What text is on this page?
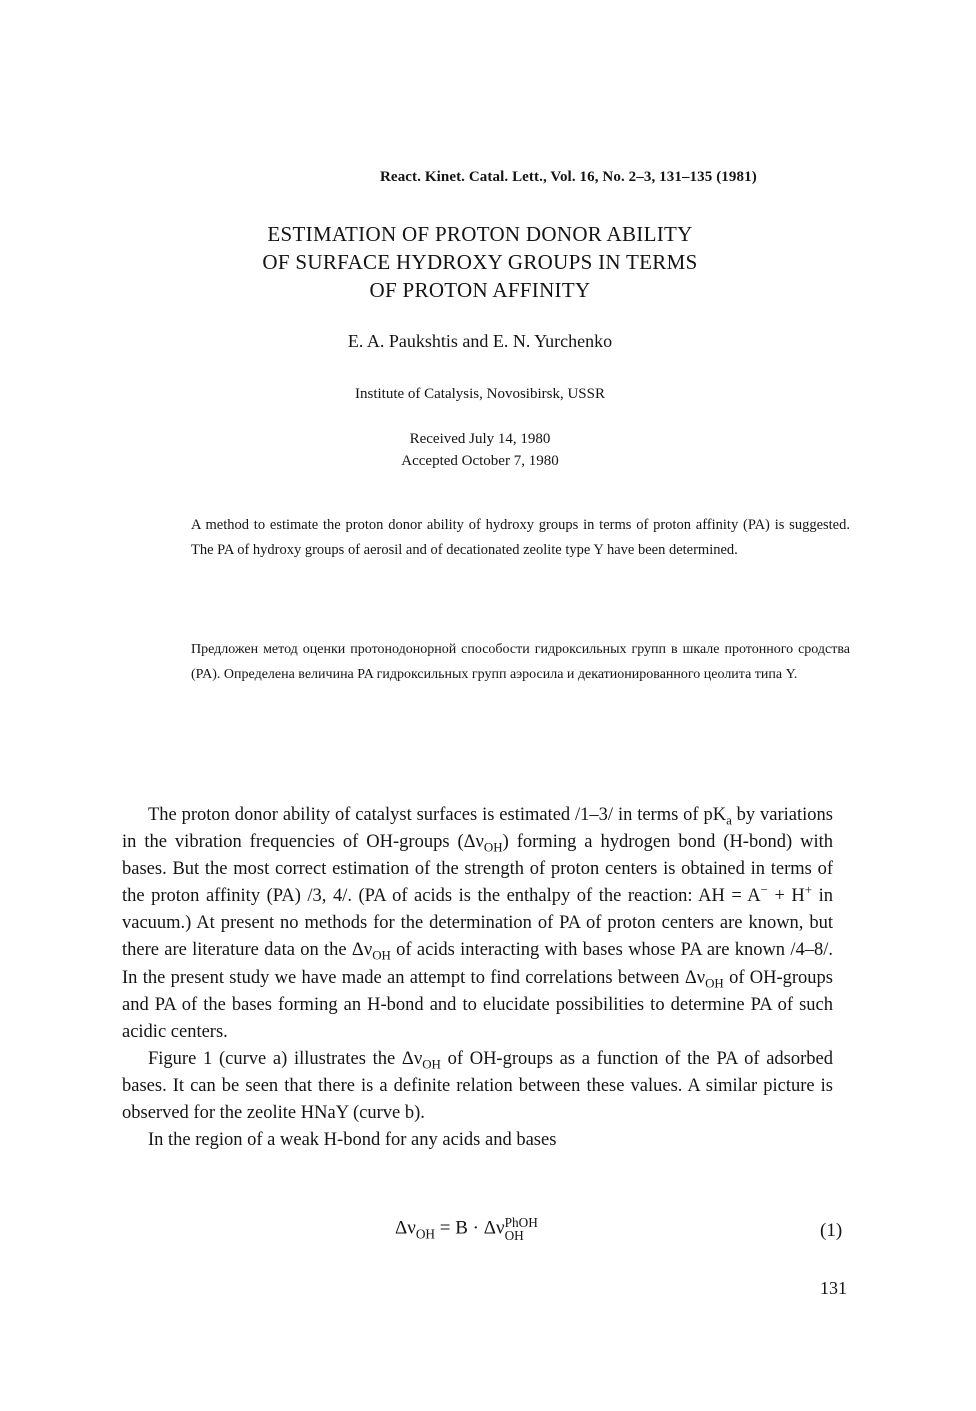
React. Kinet. Catal. Lett., Vol. 16, No. 2–3, 131–135 (1981)
ESTIMATION OF PROTON DONOR ABILITY
OF SURFACE HYDROXY GROUPS IN TERMS
OF PROTON AFFINITY
E. A. Paukshtis and E. N. Yurchenko
Institute of Catalysis, Novosibirsk, USSR
Received July 14, 1980
Accepted October 7, 1980
A method to estimate the proton donor ability of hydroxy groups in terms of proton affinity (PA) is suggested. The PA of hydroxy groups of aerosil and of decationated zeolite type Y have been determined.
Предложен метод оценки протонодонорной способости гидроксильных групп в шкале протонного сродства (PA). Определена величина PA гидроксильных групп аэросила и декатионированного цеолита типа Y.

The proton donor ability of catalyst surfaces is estimated /1–3/ in terms of $pK_a$ by variations in the vibration frequencies of OH-groups $(\Delta\nu_{OH})$ forming a hydrogen bond (H-bond) with bases. But the most correct estimation of the strength of proton centers is obtained in terms of the proton affinity (PA) /3, 4/. (PA of acids is the enthalpy of the reaction: AH = A− + H+ in vacuum.) At present no methods for the determination of PA of proton centers are known, but there are literature data on the $\Delta\nu_{OH}$ of acids interacting with bases whose PA are known /4–8/. In the present study we have made an attempt to find correlations between $\Delta\nu_{OH}$ of OH-groups and PA of the bases forming an H-bond and to elucidate possibilities to determine PA of such acidic centers.

Figure 1 (curve a) illustrates the $\Delta\nu_{OH}$ of OH-groups as a function of the PA of adsorbed bases. It can be seen that there is a definite relation between these values. A similar picture is observed for the zeolite HNaY (curve b).

In the region of a weak H-bond for any acids and bases

$\Delta\nu_{OH} = B \cdot \Delta\nu$ PhOH
OH	(1)
131
